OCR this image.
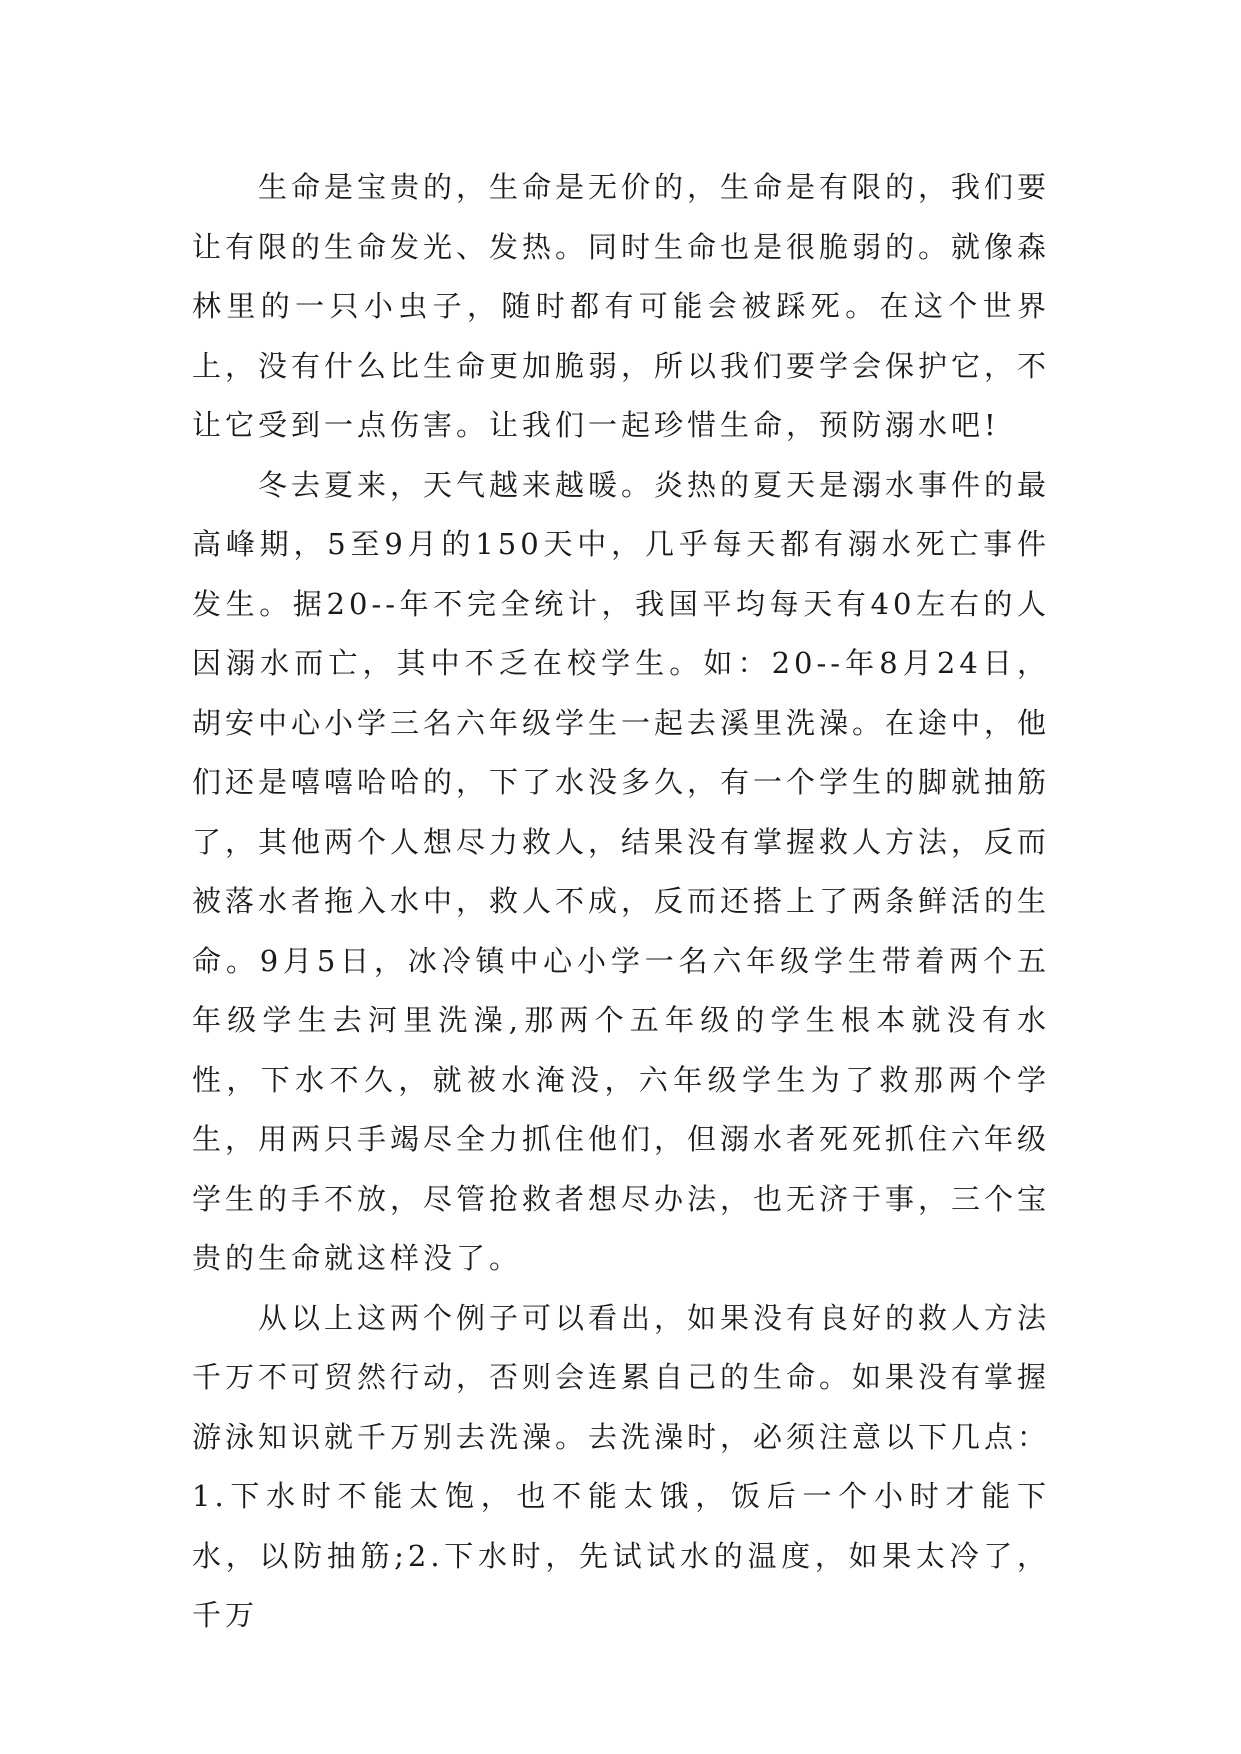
生命是宝贵的，生命是无价的，生命是有限的，我们要让有限的生命发光、发热。同时生命也是很脆弱的。就像森林里的一只小虫子，随时都有可能会被踩死。在这个世界上，没有什么比生命更加脆弱，所以我们要学会保护它，不让它受到一点伤害。让我们一起珍惜生命，预防溺水吧!

冬去夏来，天气越来越暖。炎热的夏天是溺水事件的最高峰期，5至9月的150天中，几乎每天都有溺水死亡事件发生。据20--年不完全统计，我国平均每天有40左右的人因溺水而亡，其中不乏在校学生。如：20--年8月24日，胡安中心小学三名六年级学生一起去溪里洗澡。在途中，他们还是嘻嘻哈哈的，下了水没多久，有一个学生的脚就抽筋了，其他两个人想尽力救人，结果没有掌握救人方法，反而被落水者拖入水中，救人不成，反而还搭上了两条鲜活的生命。9月5日，冰冷镇中心小学一名六年级学生带着两个五年级学生去河里洗澡,那两个五年级的学生根本就没有水性，下水不久，就被水淹没，六年级学生为了救那两个学生，用两只手竭尽全力抓住他们，但溺水者死死抓住六年级学生的手不放，尽管抢救者想尽办法，也无济于事，三个宝贵的生命就这样没了。

从以上这两个例子可以看出，如果没有良好的救人方法千万不可贸然行动，否则会连累自己的生命。如果没有掌握游泳知识就千万别去洗澡。去洗澡时，必须注意以下几点：1.下水时不能太饱，也不能太饿，饭后一个小时才能下水，以防抽筋;2.下水时，先试试水的温度，如果太冷了，千万
